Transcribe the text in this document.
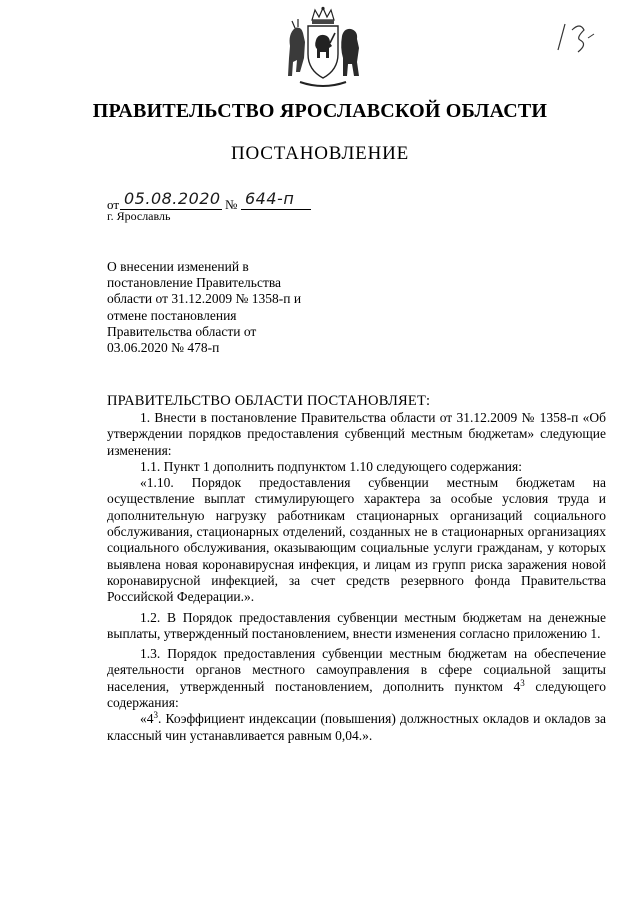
ПРАВИТЕЛЬСТВО ЯРОСЛАВСКОЙ ОБЛАСТИ
ПОСТАНОВЛЕНИЕ
от 05.08.2020 № 644-п
г. Ярославль
О внесении изменений в
постановление Правительства
области от 31.12.2009 № 1358-п и
отмене постановления
Правительства области от
03.06.2020 № 478-п
ПРАВИТЕЛЬСТВО ОБЛАСТИ ПОСТАНОВЛЯЕТ:

1. Внести в постановление Правительства области от 31.12.2009 № 1358-п «Об утверждении порядков предоставления субвенций местным бюджетам» следующие изменения:

1.1. Пункт 1 дополнить подпунктом 1.10 следующего содержания:

«1.10. Порядок предоставления субвенции местным бюджетам на осуществление выплат стимулирующего характера за особые условия труда и дополнительную нагрузку работникам стационарных организаций социального обслуживания, стационарных отделений, созданных не в стационарных организациях социального обслуживания, оказывающим социальные услуги гражданам, у которых выявлена новая коронавирусная инфекция, и лицам из групп риска заражения новой коронавирусной инфекцией, за счет средств резервного фонда Правительства Российской Федерации.».

1.2. В Порядок предоставления субвенции местным бюджетам на денежные выплаты, утвержденный постановлением, внести изменения согласно приложению 1.

1.3. Порядок предоставления субвенции местным бюджетам на обеспечение деятельности органов местного самоуправления в сфере социальной защиты населения, утвержденный постановлением, дополнить пунктом $4^3$ следующего содержания:

«$4^3$. Коэффициент индексации (повышения) должностных окладов и окладов за классный чин устанавливается равным 0,04.».
